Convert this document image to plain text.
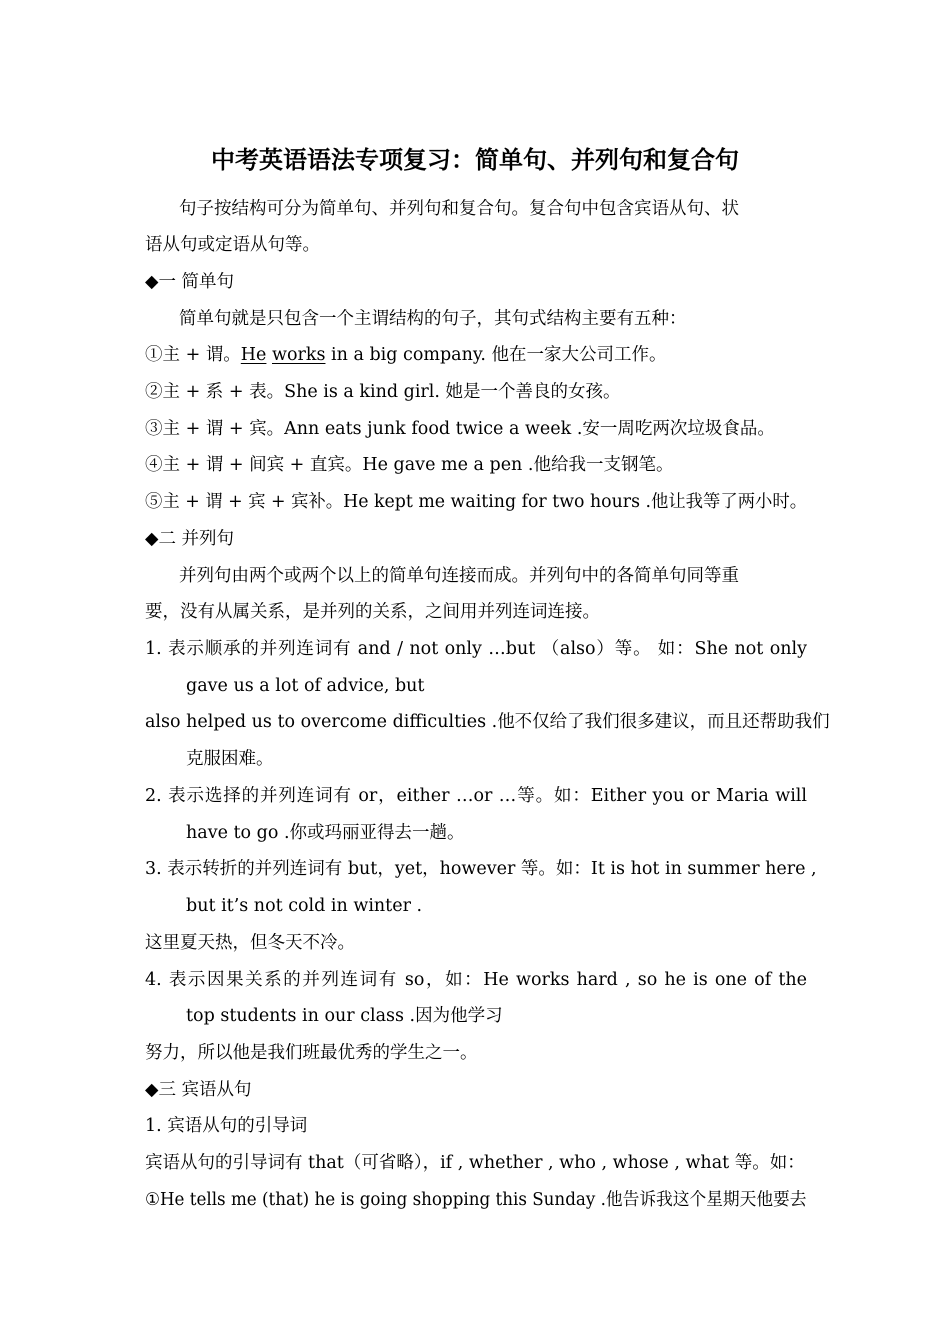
中考英语语法专项复习：简单句、并列句和复合句
句子按结构可分为简单句、并列句和复合句。复合句中包含宾语从句、状
语从句或定语从句等。
◆一 简单句
简单句就是只包含一个主谓结构的句子，其句式结构主要有五种：
①主 + 谓。He works in a big company. 他在一家大公司工作。
②主 + 系 + 表。She is a kind girl. 她是一个善良的女孩。
③主 + 谓 + 宾。Ann eats junk food twice a week .安一周吃两次垃圾食品。
④主 + 谓 + 间宾 + 直宾。He gave me a pen .他给我一支钢笔。
⑤主 + 谓 + 宾 + 宾补。He kept me waiting for two hours .他让我等了两小时。
◆二 并列句
并列句由两个或两个以上的简单句连接而成。并列句中的各简单句同等重
要，没有从属关系，是并列的关系，之间用并列连词连接。
1. 表示顺承的并列连词有 and / not only …but （also）等。 如：She not only
gave us a lot of advice, but
also helped us to overcome difficulties .他不仅给了我们很多建议，而且还帮助我们
克服困难。
2. 表示选择的并列连词有 or，either …or …等。如：Either you or Maria will
have to go .你或玛丽亚得去一趟。
3. 表示转折的并列连词有 but，yet，however 等。如：It is hot in summer here ,
but it’s not cold in winter .
这里夏天热，但冬天不冷。
4. 表示因果关系的并列连词有 so，如：He works hard , so he is one of the
top students in our class .因为他学习
努力，所以他是我们班最优秀的学生之一。
◆三 宾语从句
1. 宾语从句的引导词
宾语从句的引导词有 that（可省略），if , whether , who , whose , what 等。如：
①He tells me (that) he is going shopping this Sunday .他告诉我这个星期天他要去
